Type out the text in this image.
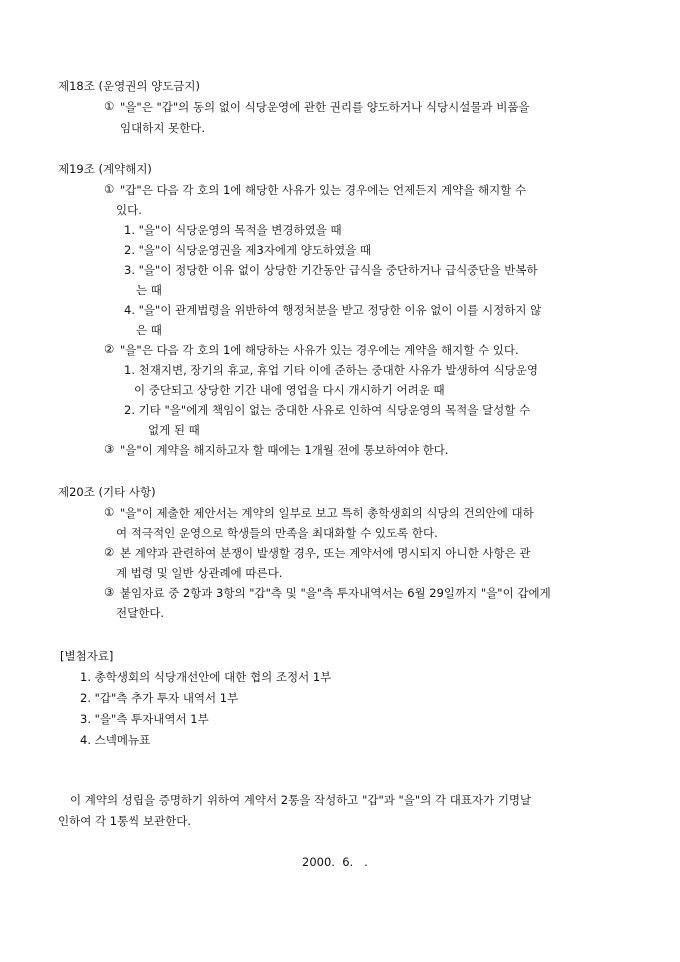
제18조 (운영권의 양도금지)
① "을"은 "갑"의 동의 없이 식당운영에 관한 권리를 양도하거나 식당시설물과 비품을
임대하지 못한다.
제19조 (계약해지)
① "갑"은 다음 각 호의 1에 해당한 사유가 있는 경우에는 언제든지 계약을 해지할 수
있다.
1. "을"이 식당운영의 목적을 변경하였을 때
2. "을"이 식당운영권을 제3자에게 양도하였을 때
3. "을"이 정당한 이유 없이 상당한 기간동안 급식을 중단하거나 급식중단을 반복하
는 때
4. "을"이 관계법령을 위반하여 행정처분을 받고 정당한 이유 없이 이를 시정하지 않
은 때
② "을"은 다음 각 호의 1에 해당하는 사유가 있는 경우에는 계약을 해지할 수 있다.
1. 천재지변, 장기의 휴교, 휴업 기타 이에 준하는 중대한 사유가 발생하여 식당운영
이 중단되고 상당한 기간 내에 영업을 다시 개시하기 어려운 때
2. 기타 "을"에게 책임이 없는 중대한 사유로 인하여 식당운영의 목적을 달성할 수
없게 된 때
③ "을"이 계약을 해지하고자 할 때에는 1개월 전에 통보하여야 한다.
제20조 (기타 사항)
① "을"이 제출한 제안서는 계약의 일부로 보고 특히 총학생회의 식당의 건의안에 대하
여 적극적인 운영으로 학생들의 만족을 최대화할 수 있도록 한다.
② 본 계약과 관련하여 분쟁이 발생할 경우, 또는 계약서에 명시되지 아니한 사항은 관
계 법령 및 일반 상관례에 따른다.
③ 붙임자료 중 2항과 3항의 "갑"측 및 "을"측 투자내역서는 6월 29일까지 "을"이 갑에게
전달한다.
[별첨자료]
1. 총학생회의 식당개선안에 대한 협의 조정서 1부
2. "갑"측 추가 투자 내역서 1부
3. "을"측 투자내역서 1부
4. 스넥메뉴표
이 계약의 성립을 증명하기 위하여 계약서 2통을 작성하고 "갑"과 "을"의 각 대표자가 기명날
인하여 각 1통씩 보관한다.
2000.  6.   .
